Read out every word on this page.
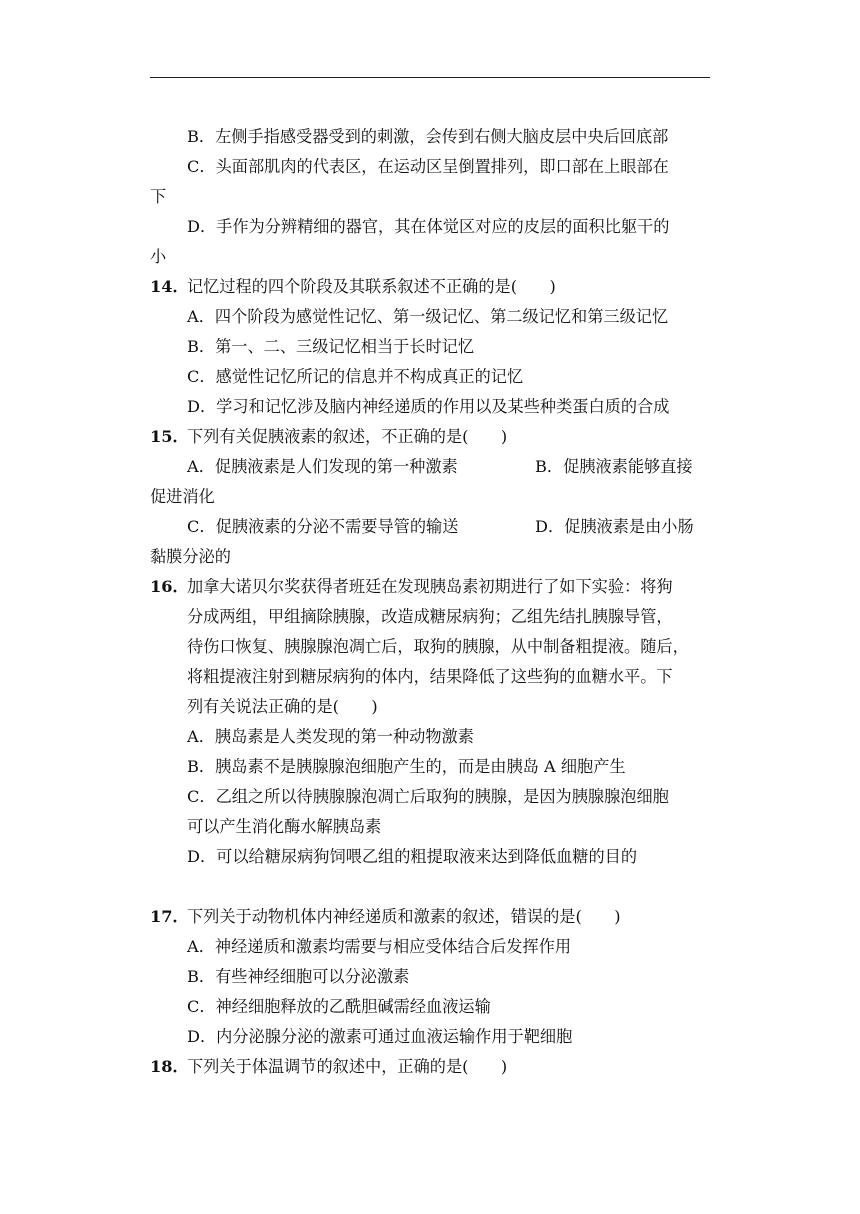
B．左侧手指感受器受到的刺激，会传到右侧大脑皮层中央后回底部
C．头面部肌肉的代表区，在运动区呈倒置排列，即口部在上眼部在
下
D．手作为分辨精细的器官，其在体觉区对应的皮层的面积比躯干的
小
14．记忆过程的四个阶段及其联系叙述不正确的是(　　)
A．四个阶段为感觉性记忆、第一级记忆、第二级记忆和第三级记忆
B．第一、二、三级记忆相当于长时记忆
C．感觉性记忆所记的信息并不构成真正的记忆
D．学习和记忆涉及脑内神经递质的作用以及某些种类蛋白质的合成
15．下列有关促胰液素的叙述，不正确的是(　　)
A．促胰液素是人们发现的第一种激素	B．促胰液素能够直接
促进消化
C．促胰液素的分泌不需要导管的输送	D．促胰液素是由小肠
黏膜分泌的
16．加拿大诺贝尔奖获得者班廷在发现胰岛素初期进行了如下实验：将狗
分成两组，甲组摘除胰腺，改造成糖尿病狗；乙组先结扎胰腺导管，
待伤口恢复、胰腺腺泡凋亡后，取狗的胰腺，从中制备粗提液。随后，
将粗提液注射到糖尿病狗的体内，结果降低了这些狗的血糖水平。下
列有关说法正确的是(　　)
A．胰岛素是人类发现的第一种动物激素
B．胰岛素不是胰腺腺泡细胞产生的，而是由胰岛 A 细胞产生
C．乙组之所以待胰腺腺泡凋亡后取狗的胰腺，是因为胰腺腺泡细胞
可以产生消化酶水解胰岛素
D．可以给糖尿病狗饲喂乙组的粗提取液来达到降低血糖的目的
17．下列关于动物机体内神经递质和激素的叙述，错误的是(　　)
A．神经递质和激素均需要与相应受体结合后发挥作用
B．有些神经细胞可以分泌激素
C．神经细胞释放的乙酰胆碱需经血液运输
D．内分泌腺分泌的激素可通过血液运输作用于靶细胞
18．下列关于体温调节的叙述中，正确的是(　　)
